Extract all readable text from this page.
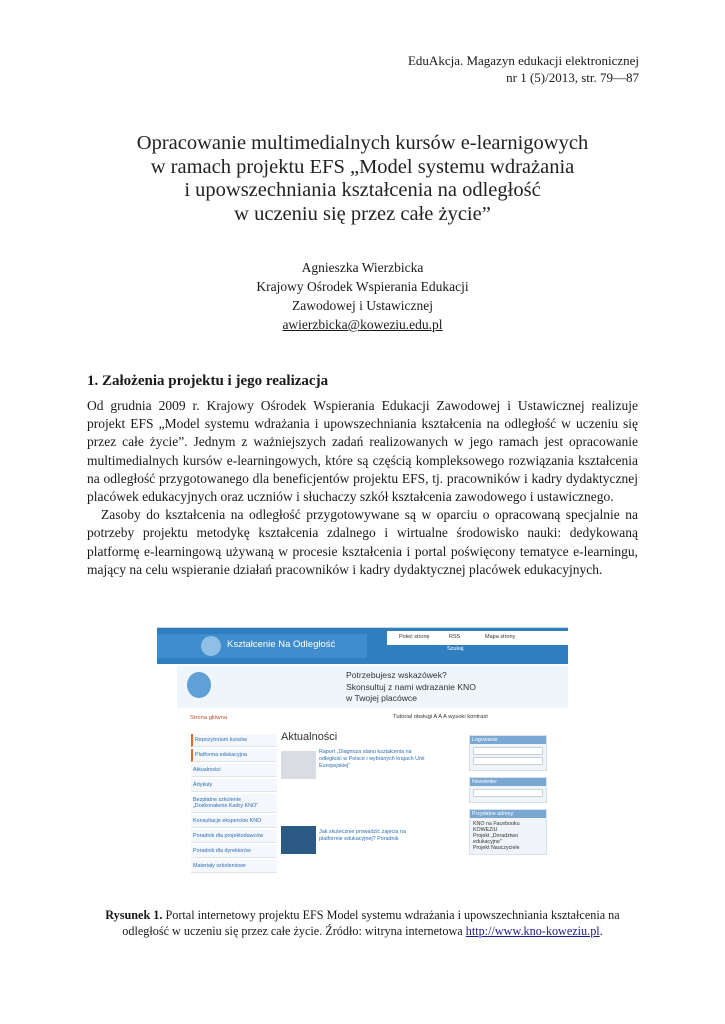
EduAkcja. Magazyn edukacji elektronicznej
nr 1 (5)/2013, str. 79—87
Opracowanie multimedialnych kursów e-learnigowych
w ramach projektu EFS „Model systemu wdrażania
i upowszechniania kształcenia na odległość
w uczeniu się przez całe życie”
Agnieszka Wierzbicka
Krajowy Ośrodek Wspierania Edukacji
Zawodowej i Ustawicznej
awierzbicka@koweziu.edu.pl
1. Założenia projektu i jego realizacja

Od grudnia 2009 r. Krajowy Ośrodek Wspierania Edukacji Zawodowej i Ustawicznej realizuje projekt EFS „Model systemu wdrażania i upowszechniania kształcenia na odległość w uczeniu się przez całe życie”. Jednym z ważniejszych zadań realizowanych w jego ramach jest opracowanie multimedialnych kursów e-learningowych, które są częścią kompleksowego rozwiązania kształcenia na odległość przygotowanego dla beneficjentów projektu EFS, tj. pracowników i kadry dydaktycznej placówek edukacyjnych oraz uczniów i słuchaczy szkół kształcenia zawodowego i ustawicznego.

Zasoby do kształcenia na odległość przygotowywane są w oparciu o opracowaną specjalnie na potrzeby projektu metodykę kształcenia zdalnego i wirtualne środowisko nauki: dedykowaną platformę e-learningową używaną w procesie kształcenia i portal poświęcony tematyce e-learningu, mający na celu wspieranie działań pracowników i kadry dydaktycznej placówek edukacyjnych.

Kształcenie Na Odległość
Poleć stronę	RSS	Mapa strony
Szukaj
Potrzebujesz wskazówek?
Skonsultuj z nami wdrazanie KNO
w Twojej placówce
Strona główna	Tutorial obsługi A A A wysoki kontrast
Repozytorium kursów
Platforma edukacyjna
Aktualności
Artykuły
Bezpłatne szkolenie „Doskonalenie Kadry KNO”
Konsultacje eksperckie KNO
Poradnik dla projektodawców
Poradnik dla dyrektorów
Materiały szkoleniowe
Aktualności
Raport „Diagnoza stanu kształcenia na odległość w Polsce i wybranych krajach Unii Europejskiej”

Jak skutecznie prowadzić zajęcia na platformie edukacyjnej? Poradnik
Logowanie
Newsletter
Przydatne adresy
KNO na Facebooku
KOWEZiU
Projekt „Doradztwo edukacyjne”
Projekt Nauczyciele
Rysunek 1. Portal internetowy projektu EFS Model systemu wdrażania i upowszechniania kształcenia na odległość w uczeniu się przez całe życie. Źródło: witryna internetowa http://www.kno-koweziu.pl.
